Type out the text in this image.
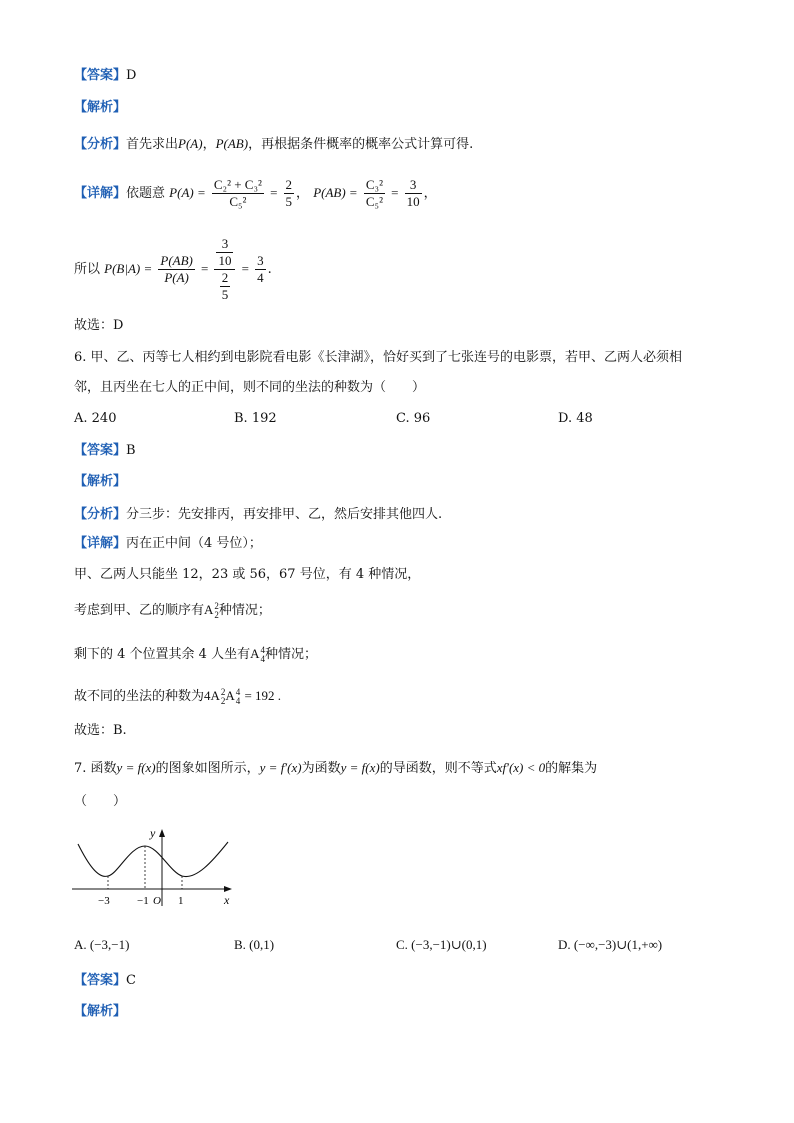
【答案】D
【解析】
【分析】首先求出P(A)，P(AB)，再根据条件概率的概率公式计算可得.
【详解】依题意 $P(A) = \frac{\text{C₂² + C₃²}}{\text{C₅²}} = \frac{2}{5}$ ， $P(AB) = \frac{\text{C₃²}}{\text{C₅²}} = \frac{3}{10}$ ，
所以 $P(B|A) = \frac{P(AB)}{P(A)} = \frac{\frac{3}{10}}{\frac{2}{5}} = \frac{3}{4}$ .
故选：D
6. 甲、乙、丙等七人相约到电影院看电影《长津湖》，恰好买到了七张连号的电影票，若甲、乙两人必须相
邻，且丙坐在七人的正中间，则不同的坐法的种数为（　　）
A. 240	B. 192	C. 96	D. 48
【答案】B
【解析】
【分析】分三步：先安排丙，再安排甲、乙，然后安排其他四人.
【详解】丙在正中间（4 号位）；
甲、乙两人只能坐 12，23 或 56，67 号位，有 4 种情况，
考虑到甲、乙的顺序有A 2
2 种情况；
剩下的 4 个位置其余 4 人坐有A 4
4 种情况；
故不同的坐法的种数为4A 2
2 A 4
4 = 192 .
故选：B.
7. 函数y = f(x)的图象如图所示，y = f′(x)为函数y = f(x)的导函数，则不等式xf′(x) < 0的解集为
（　　）
y
x
−3 −1 O 1
A. (−3,−1)	B. (0,1)	C. (−3,−1)∪(0,1)	D. (−∞,−3)∪(1,+∞)
【答案】C
【解析】
